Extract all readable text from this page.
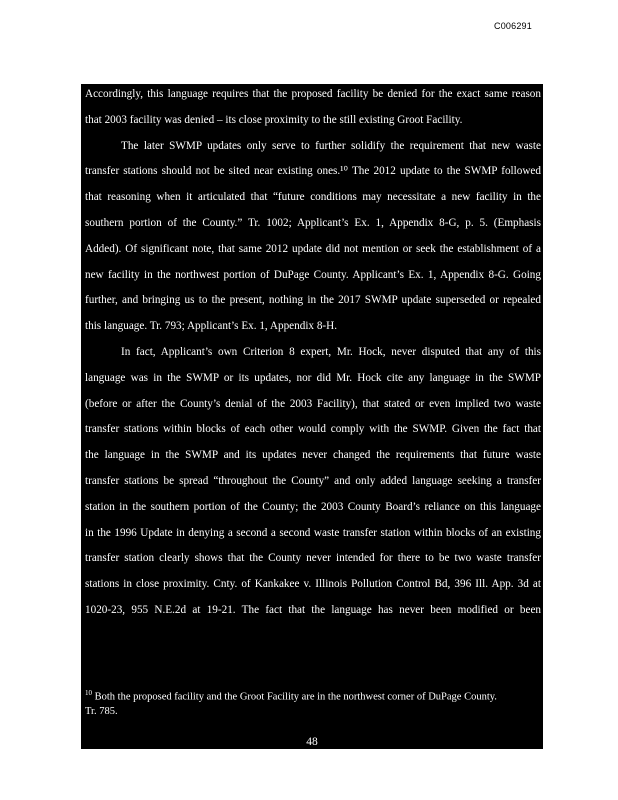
C006291
Accordingly, this language requires that the proposed facility be denied for the exact same reason
that 2003 facility was denied – its close proximity to the still existing Groot Facility.
The later SWMP updates only serve to further solidify the requirement that new waste
transfer stations should not be sited near existing ones.¹⁰ The 2012 update to the SWMP followed
that reasoning when it articulated that “future conditions may necessitate a new facility in the
southern portion of the County.” Tr. 1002; Applicant’s Ex. 1, Appendix 8-G, p. 5. (Emphasis
Added). Of significant note, that same 2012 update did not mention or seek the establishment of a
new facility in the northwest portion of DuPage County. Applicant’s Ex. 1, Appendix 8-G. Going
further, and bringing us to the present, nothing in the 2017 SWMP update superseded or repealed
this language. Tr. 793; Applicant’s Ex. 1, Appendix 8-H.
In fact, Applicant’s own Criterion 8 expert, Mr. Hock, never disputed that any of this
language was in the SWMP or its updates, nor did Mr. Hock cite any language in the SWMP
(before or after the County’s denial of the 2003 Facility), that stated or even implied two waste
transfer stations within blocks of each other would comply with the SWMP. Given the fact that
the language in the SWMP and its updates never changed the requirements that future waste
transfer stations be spread “throughout the County” and only added language seeking a transfer
station in the southern portion of the County; the 2003 County Board’s reliance on this language
in the 1996 Update in denying a second a second waste transfer station within blocks of an existing
transfer station clearly shows that the County never intended for there to be two waste transfer
stations in close proximity. Cnty. of Kankakee v. Illinois Pollution Control Bd, 396 Ill. App. 3d at
1020-23, 955 N.E.2d at 19-21. The fact that the language has never been modified or been
$^{10}$ Both the proposed facility and the Groot Facility are in the northwest corner of DuPage County.
Tr. 785.
48
